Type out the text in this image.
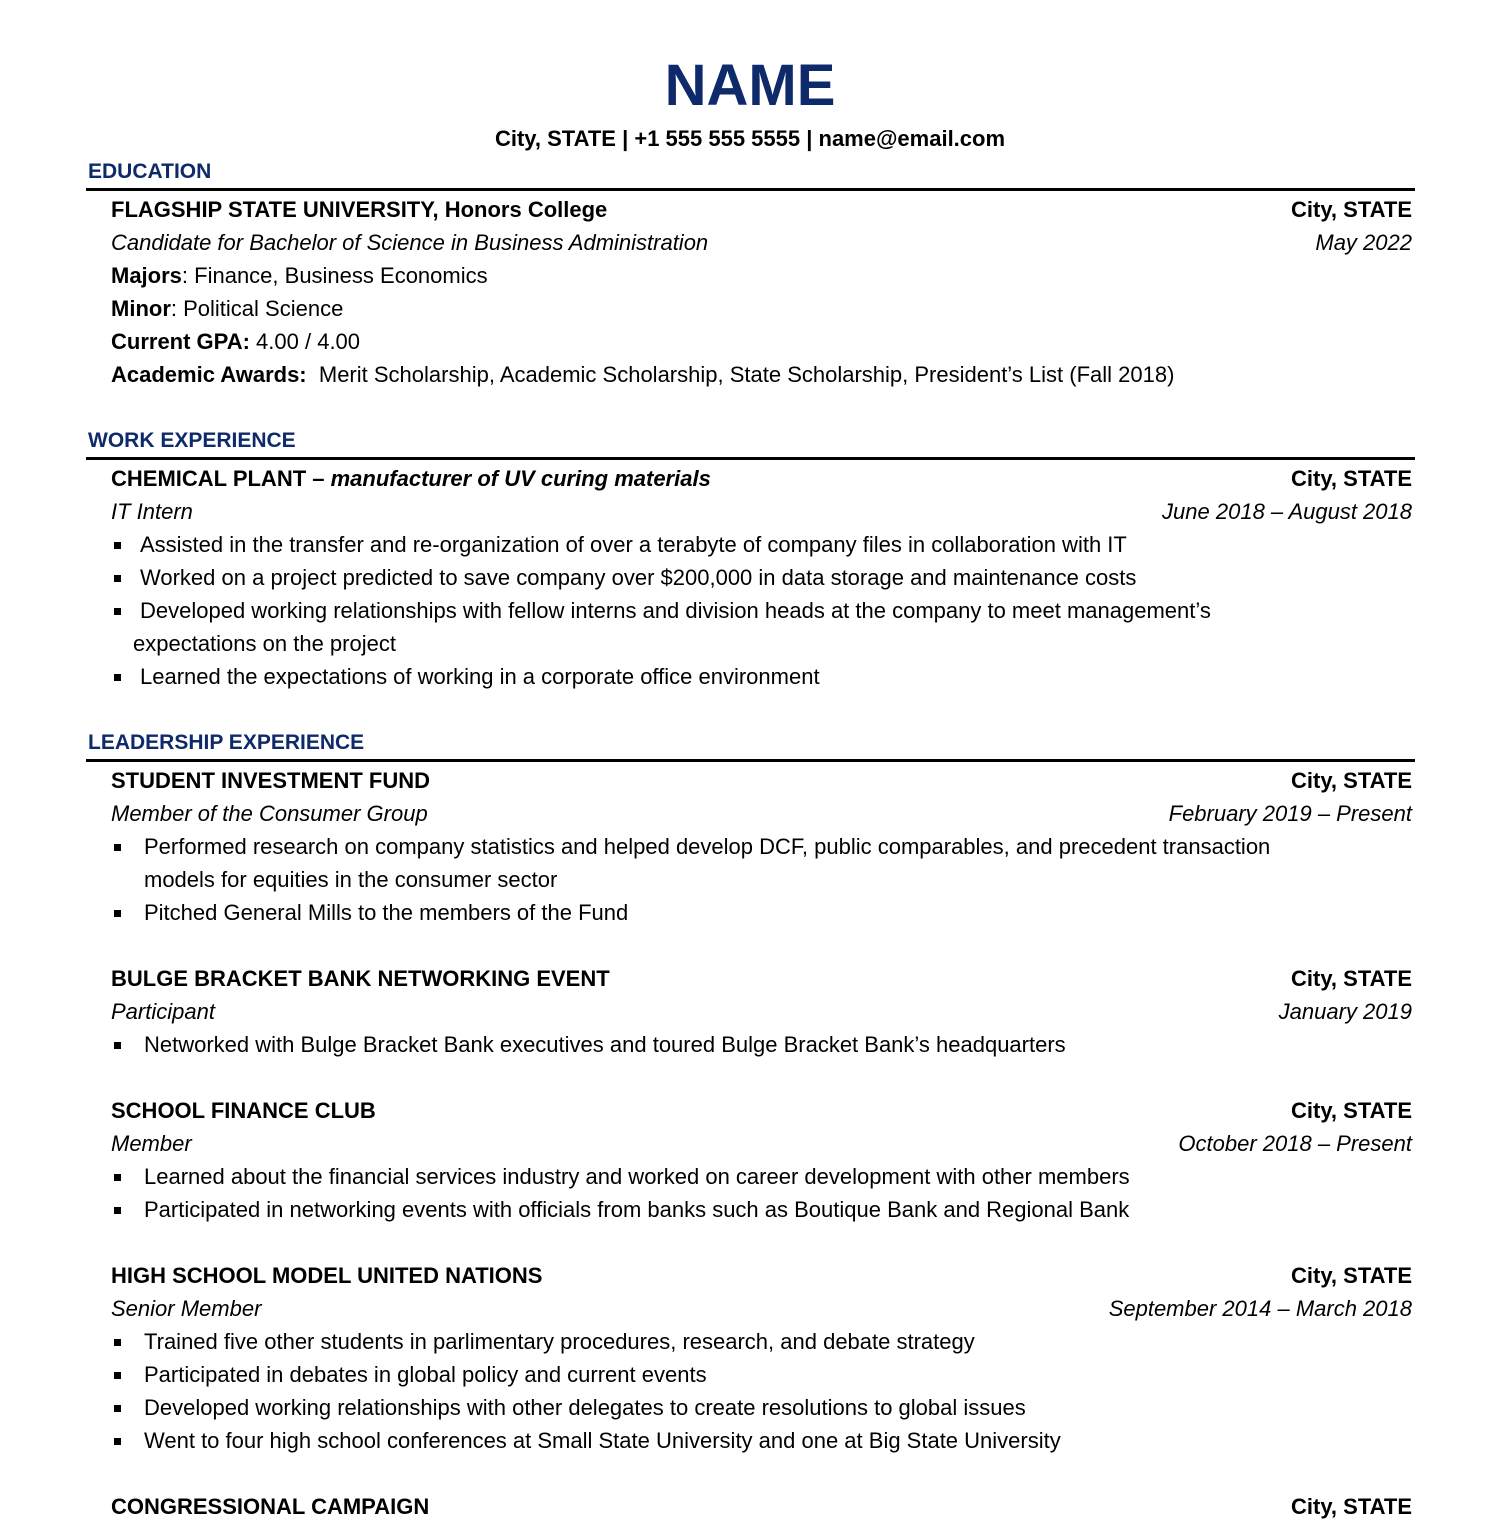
NAME
City, STATE | +1 555 555 5555 | name@email.com
EDUCATION
FLAGSHIP STATE UNIVERSITY, Honors College	City, STATE
Candidate for Bachelor of Science in Business Administration	May 2022
Majors: Finance, Business Economics
Minor: Political Science
Current GPA: 4.00 / 4.00
Academic Awards:  Merit Scholarship, Academic Scholarship, State Scholarship, President’s List (Fall 2018)
WORK EXPERIENCE
CHEMICAL PLANT – manufacturer of UV curing materials	City, STATE
IT Intern	June 2018 – August 2018
Assisted in the transfer and re-organization of over a terabyte of company files in collaboration with IT
Worked on a project predicted to save company over $200,000 in data storage and maintenance costs
Developed working relationships with fellow interns and division heads at the company to meet management’s
expectations on the project
Learned the expectations of working in a corporate office environment
LEADERSHIP EXPERIENCE
STUDENT INVESTMENT FUND	City, STATE
Member of the Consumer Group	February 2019 – Present
Performed research on company statistics and helped develop DCF, public comparables, and precedent transaction
models for equities in the consumer sector
Pitched General Mills to the members of the Fund
BULGE BRACKET BANK NETWORKING EVENT	City, STATE
Participant	January 2019
Networked with Bulge Bracket Bank executives and toured Bulge Bracket Bank’s headquarters
SCHOOL FINANCE CLUB	City, STATE
Member	October 2018 – Present
Learned about the financial services industry and worked on career development with other members
Participated in networking events with officials from banks such as Boutique Bank and Regional Bank
HIGH SCHOOL MODEL UNITED NATIONS	City, STATE
Senior Member	September 2014 – March 2018
Trained five other students in parlimentary procedures, research, and debate strategy
Participated in debates in global policy and current events
Developed working relationships with other delegates to create resolutions to global issues
Went to four high school conferences at Small State University and one at Big State University
CONGRESSIONAL CAMPAIGN	City, STATE
